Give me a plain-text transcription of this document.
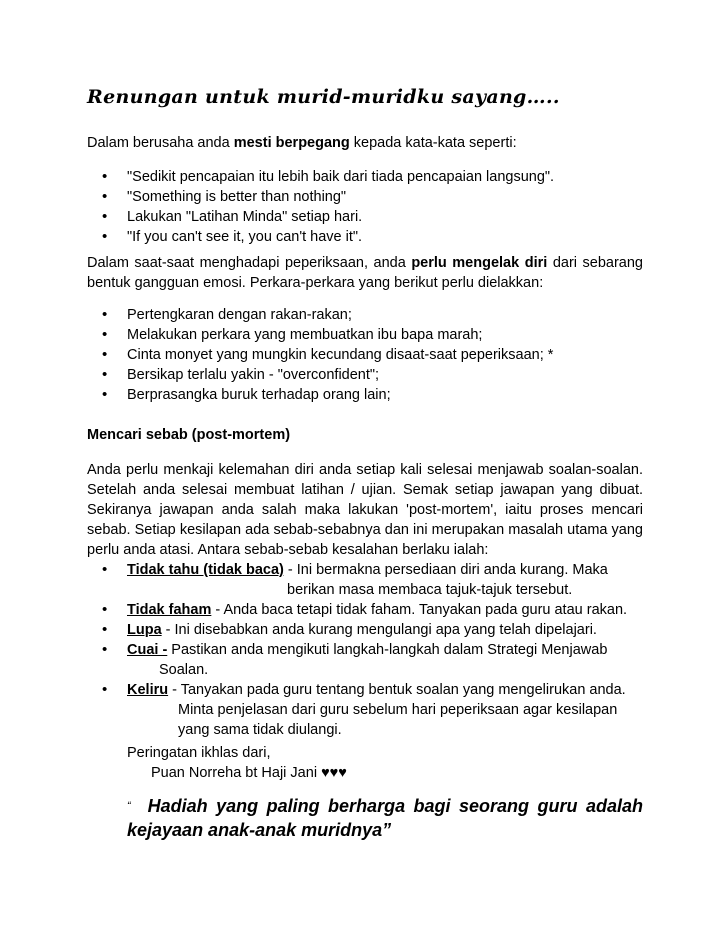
Renungan untuk murid-muridku sayang…..

Dalam berusaha anda mesti berpegang kepada kata-kata seperti:

• "Sedikit pencapaian itu lebih baik dari tiada pencapaian langsung".
• "Something is better than nothing"
• Lakukan "Latihan Minda" setiap hari.
• "If you can't see it, you can't have it".

Dalam saat-saat menghadapi peperiksaan, anda perlu mengelak diri dari sebarang

bentuk gangguan emosi. Perkara-perkara yang berikut perlu dielakkan:

• Pertengkaran dengan rakan-rakan;
• Melakukan perkara yang membuatkan ibu bapa marah;
• Cinta monyet yang mungkin kecundang disaat-saat peperiksaan; *
• Bersikap terlalu yakin - "overconfident";
• Berprasangka buruk terhadap orang lain;
Mencari sebab (post-mortem)

Anda perlu menkaji kelemahan diri anda setiap kali selesai menjawab soalan-soalan.

Setelah anda selesai membuat latihan / ujian. Semak setiap jawapan yang dibuat.

Sekiranya jawapan anda salah maka lakukan 'post-mortem', iaitu proses mencari

sebab. Setiap kesilapan ada sebab-sebabnya dan ini merupakan masalah utama yang

perlu anda atasi. Antara sebab-sebab kesalahan berlaku ialah:

• Tidak tahu (tidak baca) - Ini bermakna persediaan diri anda kurang. Maka
berikan masa membaca tajuk-tajuk tersebut.
• Tidak faham - Anda baca tetapi tidak faham. Tanyakan pada guru atau rakan.
• Lupa - Ini disebabkan anda kurang mengulangi apa yang telah dipelajari.
• Cuai - Pastikan anda mengikuti langkah-langkah dalam Strategi Menjawab
Soalan.
• Keliru - Tanyakan pada guru tentang bentuk soalan yang mengelirukan anda.
Minta penjelasan dari guru sebelum hari peperiksaan agar kesilapan
yang sama tidak diulangi.

Peringatan ikhlas dari,

Puan Norreha bt Haji Jani ♥♥♥

“ Hadiah yang paling berharga bagi seorang guru adalah

kejayaan anak-anak muridnya”
